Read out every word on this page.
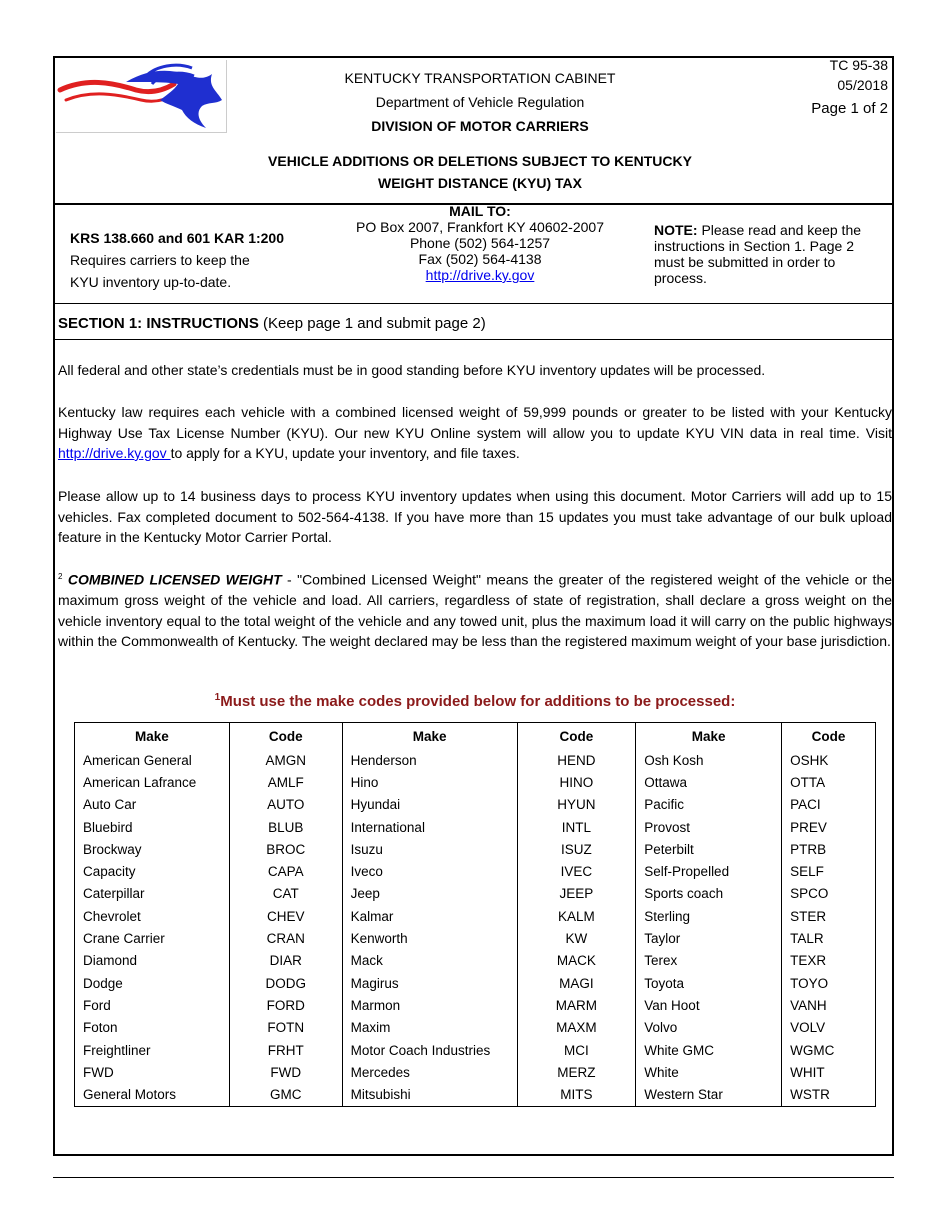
KENTUCKY TRANSPORTATION CABINET
Department of Vehicle Regulation
DIVISION OF MOTOR CARRIERS
TC 95-38
05/2018
Page 1 of 2
VEHICLE ADDITIONS OR DELETIONS SUBJECT TO KENTUCKY
WEIGHT DISTANCE (KYU) TAX
KRS 138.660 and 601 KAR 1:200
Requires carriers to keep the
KYU inventory up-to-date.
MAIL TO:
PO Box 2007, Frankfort KY 40602-2007
Phone (502) 564-1257
Fax (502) 564-4138
http://drive.ky.gov
NOTE: Please read and keep the instructions in Section 1. Page 2 must be submitted in order to process.
SECTION 1: INSTRUCTIONS (Keep page 1 and submit page 2)
All federal and other state’s credentials must be in good standing before KYU inventory updates will be processed.
Kentucky law requires each vehicle with a combined licensed weight of 59,999 pounds or greater to be listed with your Kentucky Highway Use Tax License Number (KYU). Our new KYU Online system will allow you to update KYU VIN data in real time. Visit http://drive.ky.gov to apply for a KYU, update your inventory, and file taxes.
Please allow up to 14 business days to process KYU inventory updates when using this document. Motor Carriers will add up to 15 vehicles. Fax completed document to 502-564-4138. If you have more than 15 updates you must take advantage of our bulk upload feature in the Kentucky Motor Carrier Portal.
$^2$ COMBINED LICENSED WEIGHT - "Combined Licensed Weight" means the greater of the registered weight of the vehicle or the maximum gross weight of the vehicle and load. All carriers, regardless of state of registration, shall declare a gross weight on the vehicle inventory equal to the total weight of the vehicle and any towed unit, plus the maximum load it will carry on the public highways within the Commonwealth of Kentucky. The weight declared may be less than the registered maximum weight of your base jurisdiction.
$^1$Must use the make codes provided below for additions to be processed:
Make	Code	Make	Code	Make	Code
American General	AMGN	Henderson	HEND	Osh Kosh	OSHK
American Lafrance	AMLF	Hino	HINO	Ottawa	OTTA
Auto Car	AUTO	Hyundai	HYUN	Pacific	PACI
Bluebird	BLUB	International	INTL	Provost	PREV
Brockway	BROC	Isuzu	ISUZ	Peterbilt	PTRB
Capacity	CAPA	Iveco	IVEC	Self-Propelled	SELF
Caterpillar	CAT	Jeep	JEEP	Sports coach	SPCO
Chevrolet	CHEV	Kalmar	KALM	Sterling	STER
Crane Carrier	CRAN	Kenworth	KW	Taylor	TALR
Diamond	DIAR	Mack	MACK	Terex	TEXR
Dodge	DODG	Magirus	MAGI	Toyota	TOYO
Ford	FORD	Marmon	MARM	Van Hoot	VANH
Foton	FOTN	Maxim	MAXM	Volvo	VOLV
Freightliner	FRHT	Motor Coach Industries	MCI	White GMC	WGMC
FWD	FWD	Mercedes	MERZ	White	WHIT
General Motors	GMC	Mitsubishi	MITS	Western Star	WSTR
